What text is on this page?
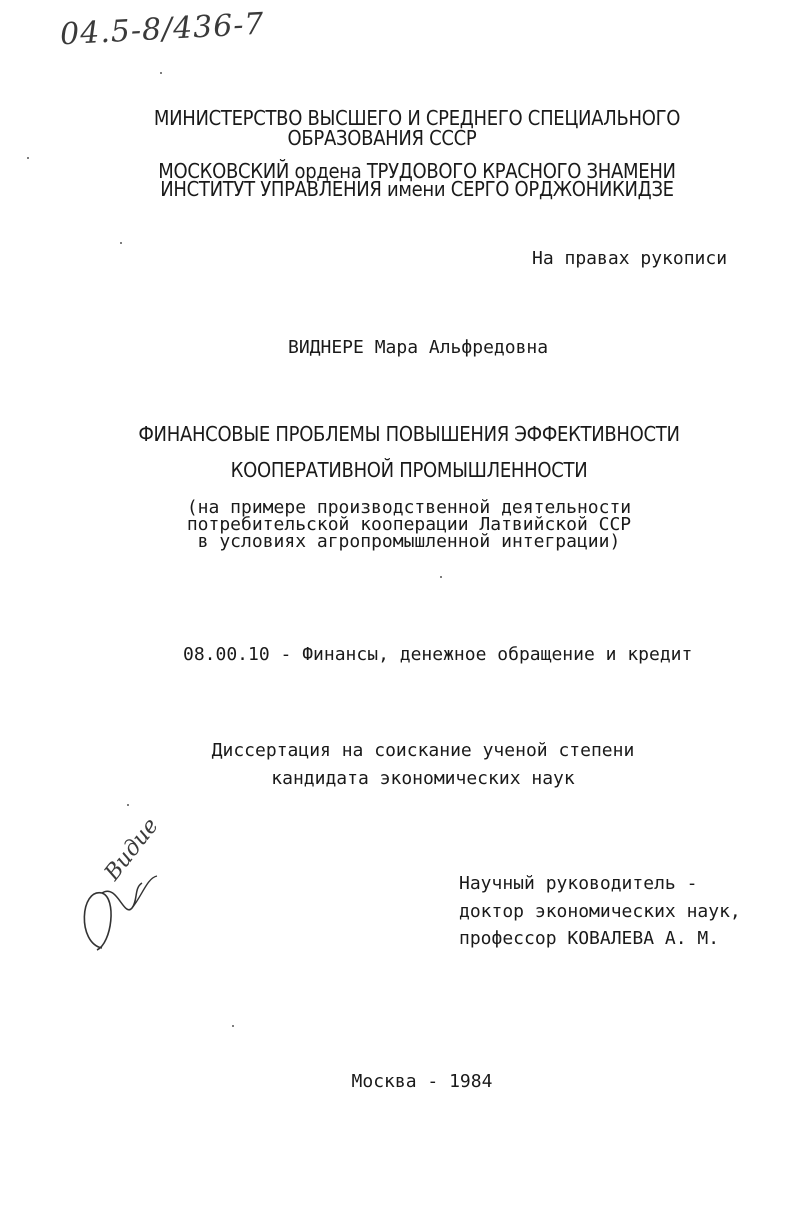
04.5-8/436-7
МИНИСТЕРСТВО ВЫСШЕГО И СРЕДНЕГО СПЕЦИАЛЬНОГО
ОБРАЗОВАНИЯ СССР
МОСКОВСКИЙ ордена ТРУДОВОГО КРАСНОГО ЗНАМЕНИ
ИНСТИТУТ УПРАВЛЕНИЯ имени СЕРГО ОРДЖОНИКИДЗЕ
На правах рукописи
ВИДНЕРЕ Мара Альфредовна
ФИНАНСОВЫЕ ПРОБЛЕМЫ ПОВЫШЕНИЯ ЭФФЕКТИВНОСТИ
КООПЕРАТИВНОЙ ПРОМЫШЛЕННОСТИ
(на примере производственной деятельности
потребительской кооперации Латвийской ССР
в условиях агропромышленной интеграции)
08.00.10 - Финансы, денежное обращение и кредит
Диссертация на соискание ученой степени
кандидата экономических наук
Видие	Научный руководитель -
доктор экономических наук,
профессор КОВАЛЕВА А. М.
Москва - 1984
